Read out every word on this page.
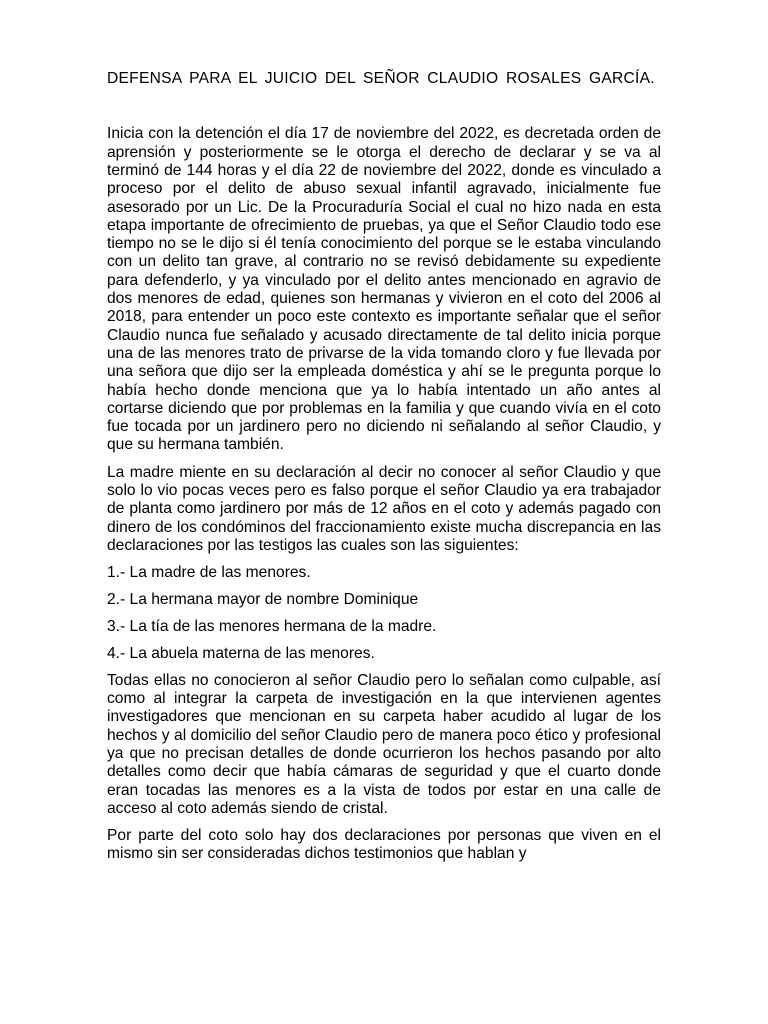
DEFENSA PARA EL JUICIO DEL SEÑOR CLAUDIO ROSALES GARCÍA.

Inicia con la detención el día 17 de noviembre del 2022, es decretada orden de aprensión y posteriormente se le otorga el derecho de declarar y se va al terminó de 144 horas y el día 22 de noviembre del 2022, donde es vinculado a proceso por el delito de abuso sexual infantil agravado, inicialmente fue asesorado por un Lic. De la Procuraduría Social el cual no hizo nada en esta etapa importante de ofrecimiento de pruebas, ya que el Señor Claudio todo ese tiempo no se le dijo si él tenía conocimiento del porque se le estaba vinculando con un delito tan grave, al contrario no se revisó debidamente su expediente para defenderlo, y ya vinculado por el delito antes mencionado en agravio de dos menores de edad, quienes son hermanas y vivieron en el coto del 2006 al 2018, para entender un poco este contexto es importante señalar que el señor Claudio nunca fue señalado y acusado directamente de tal delito inicia porque una de las menores trato de privarse de la vida tomando cloro y fue llevada por una señora que dijo ser la empleada doméstica y ahí se le pregunta porque lo había hecho donde menciona que ya lo había intentado un año antes al cortarse diciendo que por problemas en la familia y que cuando vivía en el coto fue tocada por un jardinero pero no diciendo ni señalando al señor Claudio, y que su hermana también.

La madre miente en su declaración al decir no conocer al señor Claudio y que solo lo vio pocas veces pero es falso porque el señor Claudio ya era trabajador de planta como jardinero por más de 12 años en el coto y además pagado con dinero de los condóminos del fraccionamiento existe mucha discrepancia en las declaraciones por las testigos las cuales son las siguientes:

1.- La madre de las menores.

2.- La hermana mayor de nombre Dominique

3.- La tía de las menores hermana de la madre.

4.- La abuela materna de las menores.

Todas ellas no conocieron al señor Claudio pero lo señalan como culpable, así como al integrar la carpeta de investigación en la que intervienen agentes investigadores que mencionan en su carpeta haber acudido al lugar de los hechos y al domicilio del señor Claudio pero de manera poco ético y profesional ya que no precisan detalles de donde ocurrieron los hechos pasando por alto detalles como decir que había cámaras de seguridad y que el cuarto donde eran tocadas las menores es a la vista de todos por estar en una calle de acceso al coto además siendo de cristal.

Por parte del coto solo hay dos declaraciones por personas que viven en el mismo sin ser consideradas dichos testimonios que hablan y
